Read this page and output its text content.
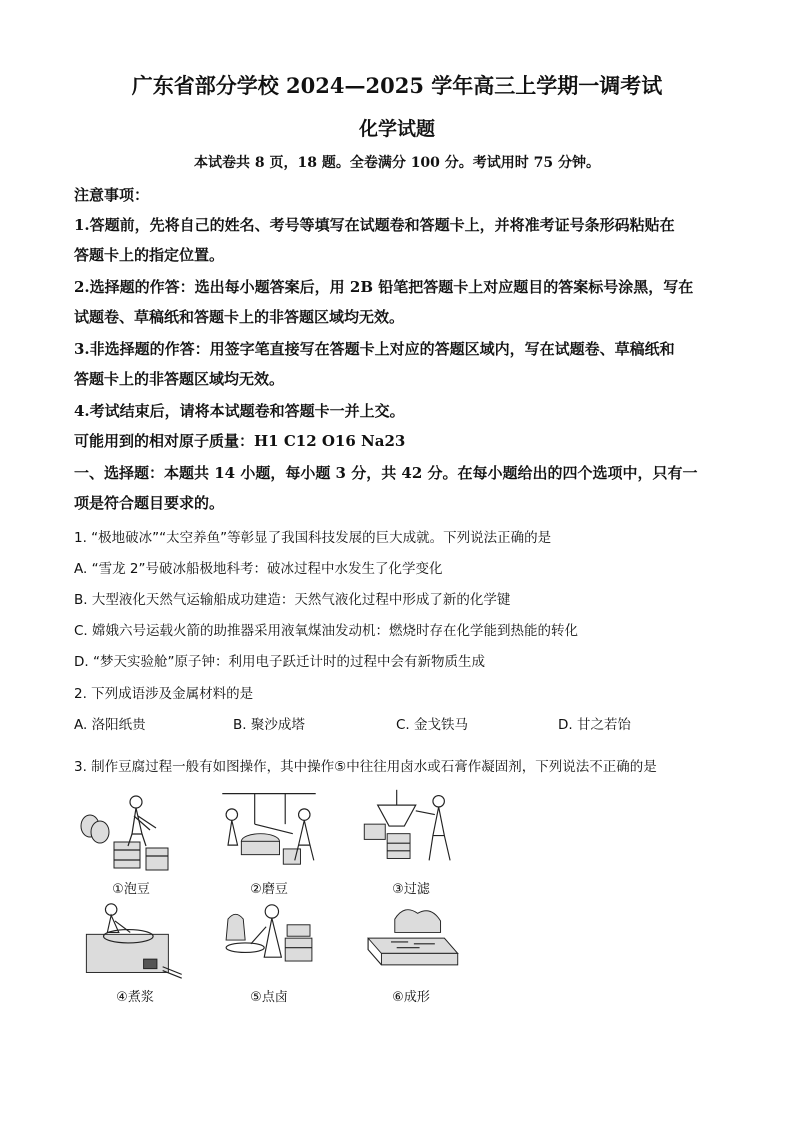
广东省部分学校 2024—2025 学年高三上学期一调考试
化学试题
本试卷共 8 页，18 题。全卷满分 100 分。考试用时 75 分钟。
注意事项：
1.答题前，先将自己的姓名、考号等填写在试题卷和答题卡上，并将准考证号条形码粘贴在
答题卡上的指定位置。
2.选择题的作答：选出每小题答案后，用 2B 铅笔把答题卡上对应题目的答案标号涂黑，写在
试题卷、草稿纸和答题卡上的非答题区域均无效。
3.非选择题的作答：用签字笔直接写在答题卡上对应的答题区域内，写在试题卷、草稿纸和
答题卡上的非答题区域均无效。
4.考试结束后，请将本试题卷和答题卡一并上交。
可能用到的相对原子质量：H1 C12 O16 Na23
一、选择题：本题共 14 小题，每小题 3 分，共 42 分。在每小题给出的四个选项中，只有一
项是符合题目要求的。
1. “极地破冰”“太空养鱼”等彰显了我国科技发展的巨大成就。下列说法正确的是
A. “雪龙 2”号破冰船极地科考：破冰过程中水发生了化学变化
B. 大型液化天然气运输船成功建造：天然气液化过程中形成了新的化学键
C. 嫦娥六号运载火箭的助推器采用液氧煤油发动机：燃烧时存在化学能到热能的转化
D. “梦天实验舱”原子钟：利用电子跃迁计时的过程中会有新物质生成
2. 下列成语涉及金属材料的是
A. 洛阳纸贵	B. 聚沙成塔	C. 金戈铁马	D. 甘之若饴
3. 制作豆腐过程一般有如图操作，其中操作⑤中往往用卤水或石膏作凝固剂，下列说法不正确的是
①泡豆	②磨豆	③过滤
④煮浆	⑤点卤	⑥成形
